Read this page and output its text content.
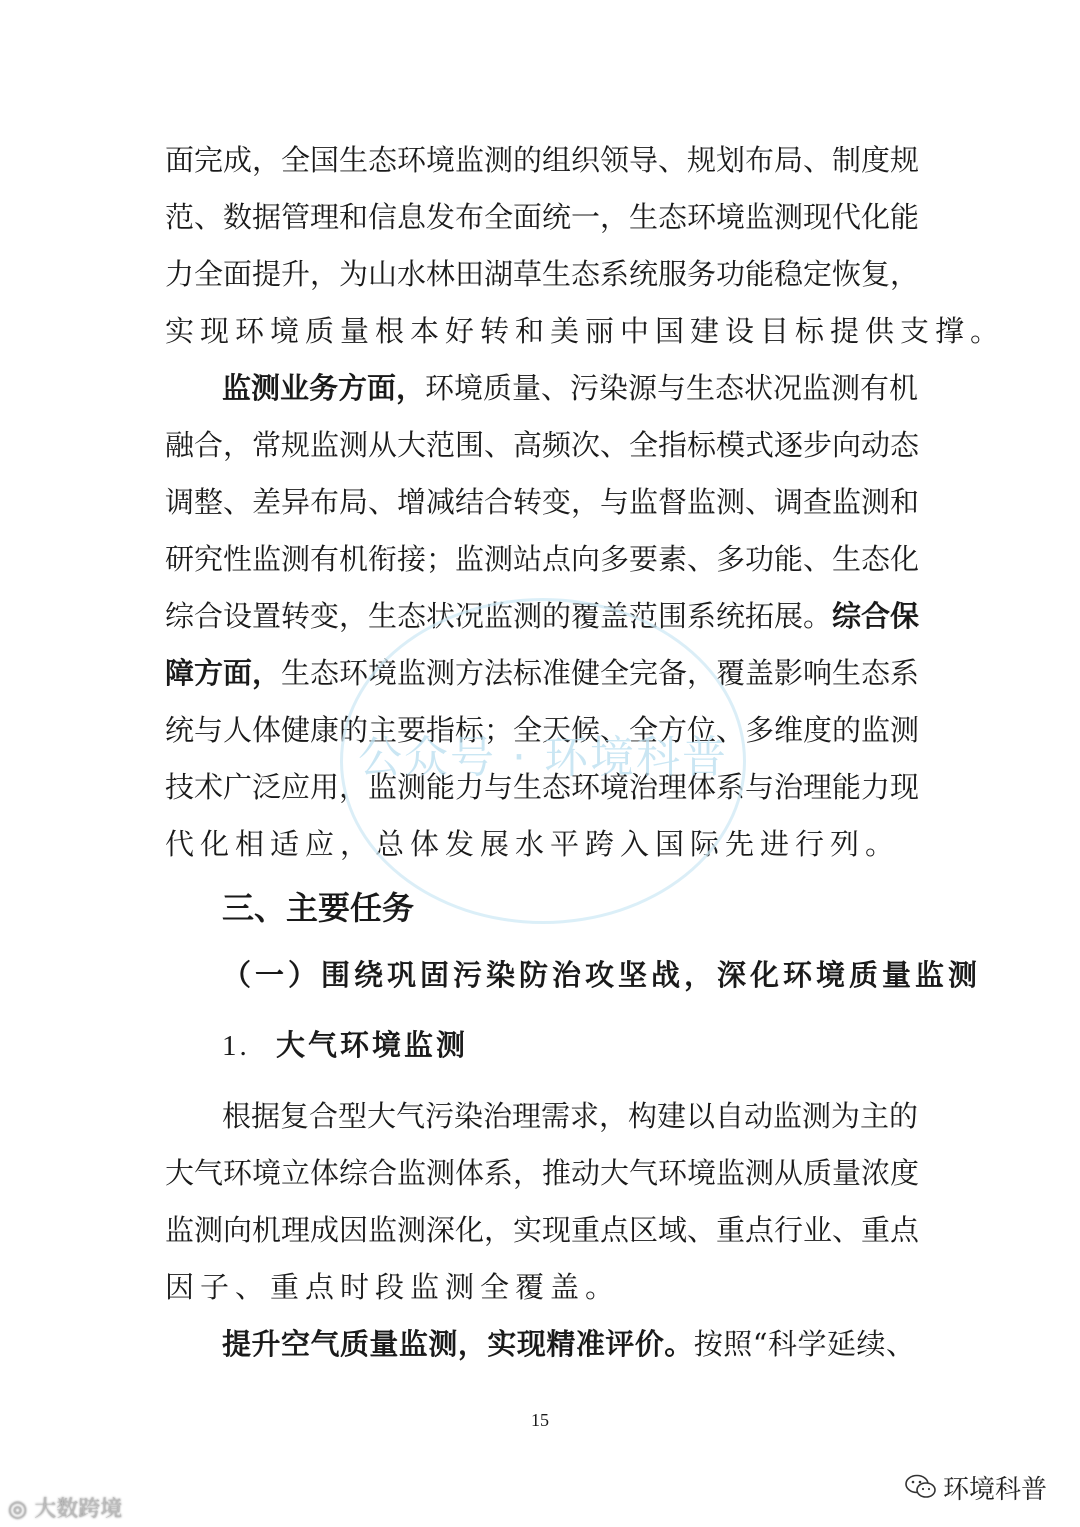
面完成，全国生态环境监测的组织领导、规划布局、制度规
范、数据管理和信息发布全面统一，生态环境监测现代化能
力全面提升，为山水林田湖草生态系统服务功能稳定恢复，
实现环境质量根本好转和美丽中国建设目标提供支撑。
监测业务方面，环境质量、污染源与生态状况监测有机
融合，常规监测从大范围、高频次、全指标模式逐步向动态
调整、差异布局、增减结合转变，与监督监测、调查监测和
研究性监测有机衔接；监测站点向多要素、多功能、生态化
综合设置转变，生态状况监测的覆盖范围系统拓展。综合保
障方面，生态环境监测方法标准健全完备，覆盖影响生态系
统与人体健康的主要指标；全天候、全方位、多维度的监测
技术广泛应用，监测能力与生态环境治理体系与治理能力现
代化相适应，总体发展水平跨入国际先进行列。
公众号 · 环境科普
三、主要任务
（一）围绕巩固污染防治攻坚战，深化环境质量监测
1. 大气环境监测
根据复合型大气污染治理需求，构建以自动监测为主的
大气环境立体综合监测体系，推动大气环境监测从质量浓度
监测向机理成因监测深化，实现重点区域、重点行业、重点
因子、重点时段监测全覆盖。
提升空气质量监测，实现精准评价。按照“科学延续、
15
◎ 大数跨境
环境科普
